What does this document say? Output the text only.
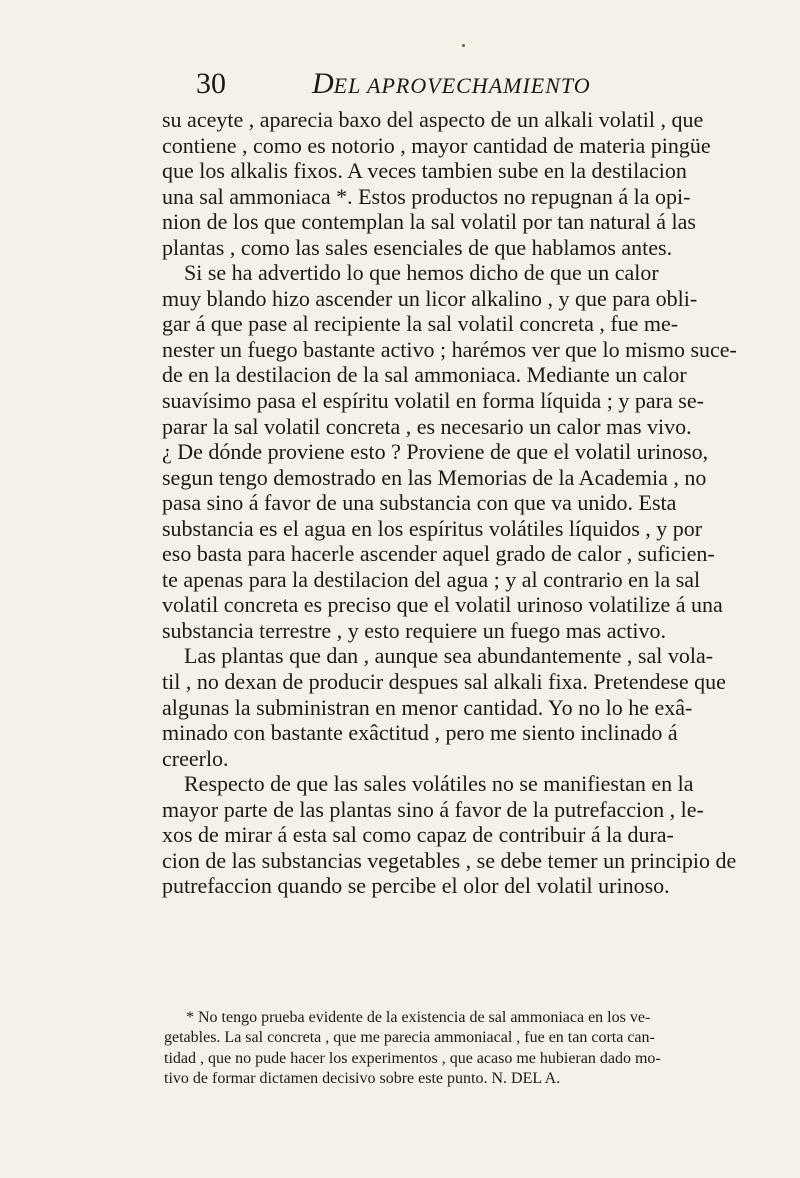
30	DEL APROVECHAMIENTO
su aceyte , aparecia baxo del aspecto de un alkali volatil , que
contiene , como es notorio , mayor cantidad de materia pingüe
que los alkalis fixos. A veces tambien sube en la destilacion
una sal ammoniaca *. Estos productos no repugnan á la opi-
nion de los que contemplan la sal volatil por tan natural á las
plantas , como las sales esenciales de que hablamos antes.
Si se ha advertido lo que hemos dicho de que un calor
muy blando hizo ascender un licor alkalino , y que para obli-
gar á que pase al recipiente la sal volatil concreta , fue me-
nester un fuego bastante activo ; harémos ver que lo mismo suce-
de en la destilacion de la sal ammoniaca. Mediante un calor
suavísimo pasa el espíritu volatil en forma líquida ; y para se-
parar la sal volatil concreta , es necesario un calor mas vivo.
¿ De dónde proviene esto ? Proviene de que el volatil urinoso,
segun tengo demostrado en las Memorias de la Academia , no
pasa sino á favor de una substancia con que va unido. Esta
substancia es el agua en los espíritus volátiles líquidos , y por
eso basta para hacerle ascender aquel grado de calor , suficien-
te apenas para la destilacion del agua ; y al contrario en la sal
volatil concreta es preciso que el volatil urinoso volatilize á una
substancia terrestre , y esto requiere un fuego mas activo.
Las plantas que dan , aunque sea abundantemente , sal vola-
til , no dexan de producir despues sal alkali fixa. Pretendese que
algunas la subministran en menor cantidad. Yo no lo he exâ-
minado con bastante exâctitud , pero me siento inclinado á
creerlo.
Respecto de que las sales volátiles no se manifiestan en la
mayor parte de las plantas sino á favor de la putrefaccion , le-
xos de mirar á esta sal como capaz de contribuir á la dura-
cion de las substancias vegetables , se debe temer un principio de
putrefaccion quando se percibe el olor del volatil urinoso.
* No tengo prueba evidente de la existencia de sal ammoniaca en los ve-
getables. La sal concreta , que me parecia ammoniacal , fue en tan corta can-
tidad , que no pude hacer los experimentos , que acaso me hubieran dado mo-
tivo de formar dictamen decisivo sobre este punto. N. DEL A.
